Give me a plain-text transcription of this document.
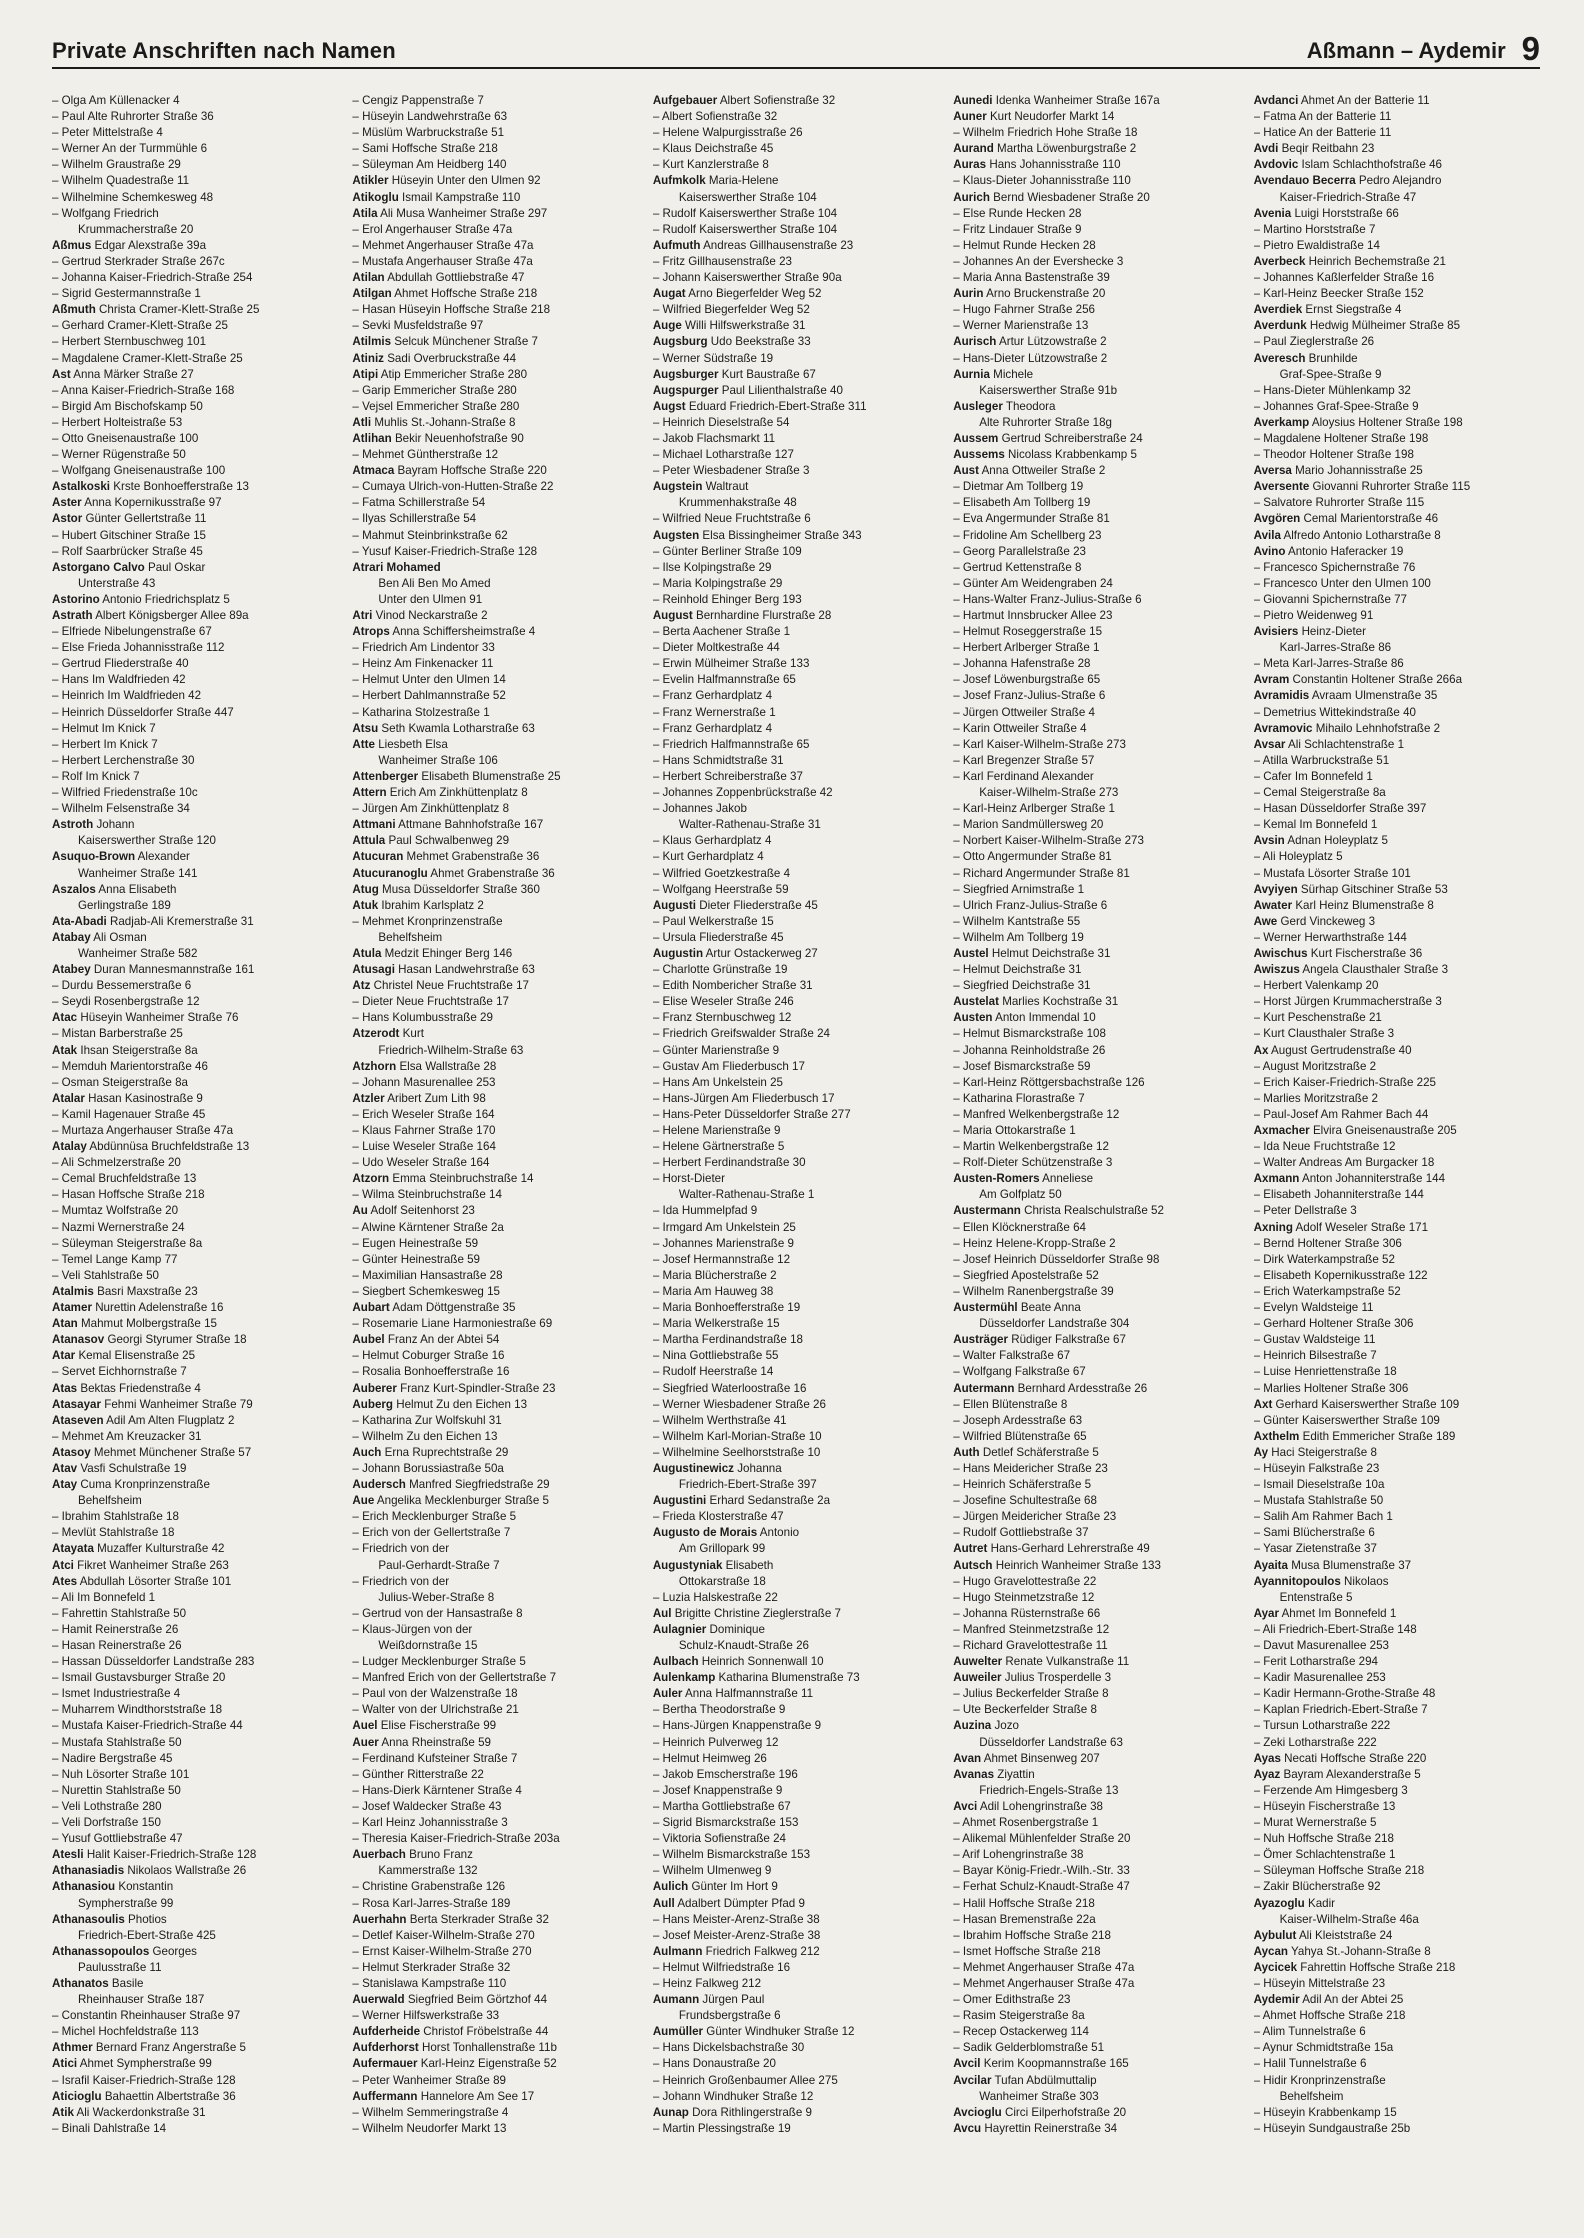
Private Anschriften nach Namen	Aßmann – Aydemir 9
– Olga Am Küllenacker 4
– Paul Alte Ruhrorter Straße 36
– Peter Mittelstraße 4
– Werner An der Turmmühle 6
– Wilhelm Graustraße 29
– Wilhelm Quadestraße 11
– Wilhelmine Schemkesweg 48
– Wolfgang Friedrich
Krummacherstraße 20
Aßmus Edgar Alexstraße 39a
– Gertrud Sterkrader Straße 267c
– Johanna Kaiser-Friedrich-Straße 254
– Sigrid Gestermannstraße 1
Aßmuth Christa Cramer-Klett-Straße 25
– Gerhard Cramer-Klett-Straße 25
– Herbert Sternbuschweg 101
– Magdalene Cramer-Klett-Straße 25
Ast Anna Märker Straße 27
– Anna Kaiser-Friedrich-Straße 168
– Birgid Am Bischofskamp 50
– Herbert Holteistraße 53
– Otto Gneisenaustraße 100
– Werner Rügenstraße 50
– Wolfgang Gneisenaustraße 100
Astalkoski Krste Bonhoefferstraße 13
Aster Anna Kopernikusstraße 97
Astor Günter Gellertstraße 11
– Hubert Gitschiner Straße 15
– Rolf Saarbrücker Straße 45
Astorgano Calvo Paul Oskar
Unterstraße 43
Astorino Antonio Friedrichsplatz 5
Astrath Albert Königsberger Allee 89a
– Elfriede Nibelungenstraße 67
– Else Frieda Johannisstraße 112
– Gertrud Fliederstraße 40
– Hans Im Waldfrieden 42
– Heinrich Im Waldfrieden 42
– Heinrich Düsseldorfer Straße 447
– Helmut Im Knick 7
– Herbert Im Knick 7
– Herbert Lerchenstraße 30
– Rolf Im Knick 7
– Wilfried Friedenstraße 10c
– Wilhelm Felsenstraße 34
Astroth Johann
Kaiserswerther Straße 120
Asuquo-Brown Alexander
Wanheimer Straße 141
Aszalos Anna Elisabeth
Gerlingstraße 189
Ata-Abadi Radjab-Ali Kremerstraße 31
Atabay Ali Osman
Wanheimer Straße 582
Atabey Duran Mannesmannstraße 161
– Durdu Bessemerstraße 6
– Seydi Rosenbergstraße 12
Atac Hüseyin Wanheimer Straße 76
– Mistan Barberstraße 25
Atak Ihsan Steigerstraße 8a
– Memduh Marientorstraße 46
– Osman Steigerstraße 8a
Atalar Hasan Kasinostraße 9
– Kamil Hagenauer Straße 45
– Murtaza Angerhauser Straße 47a
Atalay Abdünnüsa Bruchfeldstraße 13
– Ali Schmelzerstraße 20
– Cemal Bruchfeldstraße 13
– Hasan Hoffsche Straße 218
– Mumtaz Wolfstraße 20
– Nazmi Wernerstraße 24
– Süleyman Steigerstraße 8a
– Temel Lange Kamp 77
– Veli Stahlstraße 50
Atalmis Basri Maxstraße 23
Atamer Nurettin Adelenstraße 16
Atan Mahmut Molbergstraße 15
Atanasov Georgi Styrumer Straße 18
Atar Kemal Elisenstraße 25
– Servet Eichhornstraße 7
Atas Bektas Friedenstraße 4
Atasayar Fehmi Wanheimer Straße 79
Ataseven Adil Am Alten Flugplatz 2
– Mehmet Am Kreuzacker 31
Atasoy Mehmet Münchener Straße 57
Atav Vasfi Schulstraße 19
Atay Cuma Kronprinzenstraße
Behelfsheim
– Ibrahim Stahlstraße 18
– Mevlüt Stahlstraße 18
Atayata Muzaffer Kulturstraße 42
Atci Fikret Wanheimer Straße 263
Ates Abdullah Lösorter Straße 101
– Ali Im Bonnefeld 1
– Fahrettin Stahlstraße 50
– Hamit Reinerstraße 26
– Hasan Reinerstraße 26
– Hassan Düsseldorfer Landstraße 283
– Ismail Gustavsburger Straße 20
– Ismet Industriestraße 4
– Muharrem Windthorststraße 18
– Mustafa Kaiser-Friedrich-Straße 44
– Mustafa Stahlstraße 50
– Nadire Bergstraße 45
– Nuh Lösorter Straße 101
– Nurettin Stahlstraße 50
– Veli Lothstraße 280
– Veli Dorfstraße 150
– Yusuf Gottliebstraße 47
Atesli Halit Kaiser-Friedrich-Straße 128
Athanasiadis Nikolaos Wallstraße 26
Athanasiou Konstantin
Sympherstraße 99
Athanasoulis Photios
Friedrich-Ebert-Straße 425
Athanassopoulos Georges
Paulusstraße 11
Athanatos Basile
Rheinhauser Straße 187
– Constantin Rheinhauser Straße 97
– Michel Hochfeldstraße 113
Athmer Bernard Franz Angerstraße 5
Atici Ahmet Sympherstraße 99
– Israfil Kaiser-Friedrich-Straße 128
Aticioglu Bahaettin Albertstraße 36
Atik Ali Wackerdonkstraße 31
– Binali Dahlstraße 14
– Cengiz Pappenstraße 7
– Hüseyin Landwehrstraße 63
– Müslüm Warbruckstraße 51
– Sami Hoffsche Straße 218
– Süleyman Am Heidberg 140
Atikler Hüseyin Unter den Ulmen 92
Atikoglu Ismail Kampstraße 110
Atila Ali Musa Wanheimer Straße 297
– Erol Angerhauser Straße 47a
– Mehmet Angerhauser Straße 47a
– Mustafa Angerhauser Straße 47a
Atilan Abdullah Gottliebstraße 47
Atilgan Ahmet Hoffsche Straße 218
– Hasan Hüseyin Hoffsche Straße 218
– Sevki Musfeldstraße 97
Atilmis Selcuk Münchener Straße 7
Atiniz Sadi Overbruckstraße 44
Atipi Atip Emmericher Straße 280
– Garip Emmericher Straße 280
– Vejsel Emmericher Straße 280
Atli Muhlis St.-Johann-Straße 8
Atlihan Bekir Neuenhofstraße 90
– Mehmet Güntherstraße 12
Atmaca Bayram Hoffsche Straße 220
– Cumaya Ulrich-von-Hutten-Straße 22
– Fatma Schillerstraße 54
– Ilyas Schillerstraße 54
– Mahmut Steinbrinkstraße 62
– Yusuf Kaiser-Friedrich-Straße 128
Atrari Mohamed
Ben Ali Ben Mo Amed
Unter den Ulmen 91
Atri Vinod Neckarstraße 2
Atrops Anna Schiffersheimstraße 4
– Friedrich Am Lindentor 33
– Heinz Am Finkenacker 11
– Helmut Unter den Ulmen 14
– Herbert Dahlmannstraße 52
– Katharina Stolzestraße 1
Atsu Seth Kwamla Lotharstraße 63
Atte Liesbeth Elsa
Wanheimer Straße 106
Attenberger Elisabeth Blumenstraße 25
Attern Erich Am Zinkhüttenplatz 8
– Jürgen Am Zinkhüttenplatz 8
Attmani Attmane Bahnhofstraße 167
Attula Paul Schwalbenweg 29
Atucuran Mehmet Grabenstraße 36
Atucuranoglu Ahmet Grabenstraße 36
Atug Musa Düsseldorfer Straße 360
Atuk Ibrahim Karlsplatz 2
– Mehmet Kronprinzenstraße
Behelfsheim
Atula Medzit Ehinger Berg 146
Atusagi Hasan Landwehrstraße 63
Atz Christel Neue Fruchtstraße 17
– Dieter Neue Fruchtstraße 17
– Hans Kolumbusstraße 29
Atzerodt Kurt
Friedrich-Wilhelm-Straße 63
Atzhorn Elsa Wallstraße 28
– Johann Masurenallee 253
Atzler Aribert Zum Lith 98
– Erich Weseler Straße 164
– Klaus Fahrner Straße 170
– Luise Weseler Straße 164
– Udo Weseler Straße 164
Atzorn Emma Steinbruchstraße 14
– Wilma Steinbruchstraße 14
Au Adolf Seitenhorst 23
– Alwine Kärntener Straße 2a
– Eugen Heinestraße 59
– Günter Heinestraße 59
– Maximilian Hansastraße 28
– Siegbert Schemkesweg 15
Aubart Adam Döttgenstraße 35
– Rosemarie Liane Harmoniestraße 69
Aubel Franz An der Abtei 54
– Helmut Coburger Straße 16
– Rosalia Bonhoefferstraße 16
Auberer Franz Kurt-Spindler-Straße 23
Auberg Helmut Zu den Eichen 13
– Katharina Zur Wolfskuhl 31
– Wilhelm Zu den Eichen 13
Auch Erna Ruprechtstraße 29
– Johann Borussiastraße 50a
Audersch Manfred Siegfriedstraße 29
Aue Angelika Mecklenburger Straße 5
– Erich Mecklenburger Straße 5
– Erich von der Gellertstraße 7
– Friedrich von der
Paul-Gerhardt-Straße 7
– Friedrich von der
Julius-Weber-Straße 8
– Gertrud von der Hansastraße 8
– Klaus-Jürgen von der
Weißdornstraße 15
– Ludger Mecklenburger Straße 5
– Manfred Erich von der Gellertstraße 7
– Paul von der Walzenstraße 18
– Walter von der Ulrichstraße 21
Auel Elise Fischerstraße 99
Auer Anna Rheinstraße 59
– Ferdinand Kufsteiner Straße 7
– Günther Ritterstraße 22
– Hans-Dierk Kärntener Straße 4
– Josef Waldecker Straße 43
– Karl Heinz Johannisstraße 3
– Theresia Kaiser-Friedrich-Straße 203a
Auerbach Bruno Franz
Kammerstraße 132
– Christine Grabenstraße 126
– Rosa Karl-Jarres-Straße 189
Auerhahn Berta Sterkrader Straße 32
– Detlef Kaiser-Wilhelm-Straße 270
– Ernst Kaiser-Wilhelm-Straße 270
– Helmut Sterkrader Straße 32
– Stanislawa Kampstraße 110
Auerwald Siegfried Beim Görtzhof 44
– Werner Hilfswerkstraße 33
Aufderheide Christof Fröbelstraße 44
Aufderhorst Horst Tonhallenstraße 11b
Aufermauer Karl-Heinz Eigenstraße 52
– Peter Wanheimer Straße 89
Auffermann Hannelore Am See 17
– Wilhelm Semmeringstraße 4
– Wilhelm Neudorfer Markt 13
Aufgebauer Albert Sofienstraße 32
– Albert Sofienstraße 32
– Helene Walpurgisstraße 26
– Klaus Deichstraße 45
– Kurt Kanzlerstraße 8
Aufmkolk Maria-Helene
Kaiserswerther Straße 104
– Rudolf Kaiserswerther Straße 104
– Rudolf Kaiserswerther Straße 104
Aufmuth Andreas Gillhausenstraße 23
– Fritz Gillhausenstraße 23
– Johann Kaiserswerther Straße 90a
Augat Arno Biegerfelder Weg 52
– Wilfried Biegerfelder Weg 52
Auge Willi Hilfswerkstraße 31
Augsburg Udo Beekstraße 33
– Werner Südstraße 19
Augsburger Kurt Baustraße 67
Augspurger Paul Lilienthalstraße 40
Augst Eduard Friedrich-Ebert-Straße 311
– Heinrich Dieselstraße 54
– Jakob Flachsmarkt 11
– Michael Lotharstraße 127
– Peter Wiesbadener Straße 3
Augstein Waltraut
Krummenhakstraße 48
– Wilfried Neue Fruchtstraße 6
Augsten Elsa Bissingheimer Straße 343
– Günter Berliner Straße 109
– Ilse Kolpingstraße 29
– Maria Kolpingstraße 29
– Reinhold Ehinger Berg 193
August Bernhardine Flurstraße 28
– Berta Aachener Straße 1
– Dieter Moltkestraße 44
– Erwin Mülheimer Straße 133
– Evelin Halfmannstraße 65
– Franz Gerhardplatz 4
– Franz Wernerstraße 1
– Franz Gerhardplatz 4
– Friedrich Halfmannstraße 65
– Hans Schmidtstraße 31
– Herbert Schreiberstraße 37
– Johannes Zoppenbrückstraße 42
– Johannes Jakob
Walter-Rathenau-Straße 31
– Klaus Gerhardplatz 4
– Kurt Gerhardplatz 4
– Wilfried Goetzkestraße 4
– Wolfgang Heerstraße 59
Augusti Dieter Fliederstraße 45
– Paul Welkerstraße 15
– Ursula Fliederstraße 45
Augustin Artur Ostackerweg 27
– Charlotte Grünstraße 19
– Edith Nombericher Straße 31
– Elise Weseler Straße 246
– Franz Sternbuschweg 12
– Friedrich Greifswalder Straße 24
– Günter Marienstraße 9
– Gustav Am Fliederbusch 17
– Hans Am Unkelstein 25
– Hans-Jürgen Am Fliederbusch 17
– Hans-Peter Düsseldorfer Straße 277
– Helene Marienstraße 9
– Helene Gärtnerstraße 5
– Herbert Ferdinandstraße 30
– Horst-Dieter
Walter-Rathenau-Straße 1
– Ida Hummelpfad 9
– Irmgard Am Unkelstein 25
– Johannes Marienstraße 9
– Josef Hermannstraße 12
– Maria Blücherstraße 2
– Maria Am Hauweg 38
– Maria Bonhoefferstraße 19
– Maria Welkerstraße 15
– Martha Ferdinandstraße 18
– Nina Gottliebstraße 55
– Rudolf Heerstraße 14
– Siegfried Waterloostraße 16
– Werner Wiesbadener Straße 26
– Wilhelm Werthstraße 41
– Wilhelm Karl-Morian-Straße 10
– Wilhelmine Seelhorststraße 10
Augustinewicz Johanna
Friedrich-Ebert-Straße 397
Augustini Erhard Sedanstraße 2a
– Frieda Klosterstraße 47
Augusto de Morais Antonio
Am Grillopark 99
Augustyniak Elisabeth
Ottokarstraße 18
– Luzia Halskestraße 22
Aul Brigitte Christine Zieglerstraße 7
Aulagnier Dominique
Schulz-Knaudt-Straße 26
Aulbach Heinrich Sonnenwall 10
Aulenkamp Katharina Blumenstraße 73
Auler Anna Halfmannstraße 11
– Bertha Theodorstraße 9
– Hans-Jürgen Knappenstraße 9
– Heinrich Pulverweg 12
– Helmut Heimweg 26
– Jakob Emscherstraße 196
– Josef Knappenstraße 9
– Martha Gottliebstraße 67
– Sigrid Bismarckstraße 153
– Viktoria Sofienstraße 24
– Wilhelm Bismarckstraße 153
– Wilhelm Ulmenweg 9
Aulich Günter Im Hort 9
Aull Adalbert Dümpter Pfad 9
– Hans Meister-Arenz-Straße 38
– Josef Meister-Arenz-Straße 38
Aulmann Friedrich Falkweg 212
– Helmut Wilfriedstraße 16
– Heinz Falkweg 212
Aumann Jürgen Paul
Frundsbergstraße 6
Aumüller Günter Windhuker Straße 12
– Hans Dickelsbachstraße 30
– Hans Donaustraße 20
– Heinrich Großenbaumer Allee 275
– Johann Windhuker Straße 12
Aunap Dora Rithlingerstraße 9
– Martin Plessingstraße 19
Aunedi Idenka Wanheimer Straße 167a
Auner Kurt Neudorfer Markt 14
– Wilhelm Friedrich Hohe Straße 18
Aurand Martha Löwenburgstraße 2
Auras Hans Johannisstraße 110
– Klaus-Dieter Johannisstraße 110
Aurich Bernd Wiesbadener Straße 20
– Else Runde Hecken 28
– Fritz Lindauer Straße 9
– Helmut Runde Hecken 28
– Johannes An der Evershecke 3
– Maria Anna Bastenstraße 39
Aurin Arno Bruckenstraße 20
– Hugo Fahrner Straße 256
– Werner Marienstraße 13
Aurisch Artur Lützowstraße 2
– Hans-Dieter Lützowstraße 2
Aurnia Michele
Kaiserswerther Straße 91b
Ausleger Theodora
Alte Ruhrorter Straße 18g
Aussem Gertrud Schreiberstraße 24
Aussems Nicolass Krabbenkamp 5
Aust Anna Ottweiler Straße 2
– Dietmar Am Tollberg 19
– Elisabeth Am Tollberg 19
– Eva Angermunder Straße 81
– Fridoline Am Schellberg 23
– Georg Parallelstraße 23
– Gertrud Kettenstraße 8
– Günter Am Weidengraben 24
– Hans-Walter Franz-Julius-Straße 6
– Hartmut Innsbrucker Allee 23
– Helmut Roseggerstraße 15
– Herbert Arlberger Straße 1
– Johanna Hafenstraße 28
– Josef Löwenburgstraße 65
– Josef Franz-Julius-Straße 6
– Jürgen Ottweiler Straße 4
– Karin Ottweiler Straße 4
– Karl Kaiser-Wilhelm-Straße 273
– Karl Bregenzer Straße 57
– Karl Ferdinand Alexander
Kaiser-Wilhelm-Straße 273
– Karl-Heinz Arlberger Straße 1
– Marion Sandmüllersweg 20
– Norbert Kaiser-Wilhelm-Straße 273
– Otto Angermunder Straße 81
– Richard Angermunder Straße 81
– Siegfried Arnimstraße 1
– Ulrich Franz-Julius-Straße 6
– Wilhelm Kantstraße 55
– Wilhelm Am Tollberg 19
Austel Helmut Deichstraße 31
– Helmut Deichstraße 31
– Siegfried Deichstraße 31
Austelat Marlies Kochstraße 31
Austen Anton Immendal 10
– Helmut Bismarckstraße 108
– Johanna Reinholdstraße 26
– Josef Bismarckstraße 59
– Karl-Heinz Röttgersbachstraße 126
– Katharina Florastraße 7
– Manfred Welkenbergstraße 12
– Maria Ottokarstraße 1
– Martin Welkenbergstraße 12
– Rolf-Dieter Schützenstraße 3
Austen-Romers Anneliese
Am Golfplatz 50
Austermann Christa Realschulstraße 52
– Ellen Klöcknerstraße 64
– Heinz Helene-Kropp-Straße 2
– Josef Heinrich Düsseldorfer Straße 98
– Siegfried Apostelstraße 52
– Wilhelm Ranenbergstraße 39
Austermühl Beate Anna
Düsseldorfer Landstraße 304
Austräger Rüdiger Falkstraße 67
– Walter Falkstraße 67
– Wolfgang Falkstraße 67
Autermann Bernhard Ardesstraße 26
– Ellen Blütenstraße 8
– Joseph Ardesstraße 63
– Wilfried Blütenstraße 65
Auth Detlef Schäferstraße 5
– Hans Meidericher Straße 23
– Heinrich Schäferstraße 5
– Josefine Schultestraße 68
– Jürgen Meidericher Straße 23
– Rudolf Gottliebstraße 37
Autret Hans-Gerhard Lehrerstraße 49
Autsch Heinrich Wanheimer Straße 133
– Hugo Gravelottestraße 22
– Hugo Steinmetzstraße 12
– Johanna Rüsternstraße 66
– Manfred Steinmetzstraße 12
– Richard Gravelottestraße 11
Auwelter Renate Vulkanstraße 11
Auweiler Julius Trosperdelle 3
– Julius Beckerfelder Straße 8
– Ute Beckerfelder Straße 8
Auzina Jozo
Düsseldorfer Landstraße 63
Avan Ahmet Binsenweg 207
Avanas Ziyattin
Friedrich-Engels-Straße 13
Avci Adil Lohengrinstraße 38
– Ahmet Rosenbergstraße 1
– Alikemal Mühlenfelder Straße 20
– Arif Lohengrinstraße 38
– Bayar König-Friedr.-Wilh.-Str. 33
– Ferhat Schulz-Knaudt-Straße 47
– Halil Hoffsche Straße 218
– Hasan Bremenstraße 22a
– Ibrahim Hoffsche Straße 218
– Ismet Hoffsche Straße 218
– Mehmet Angerhauser Straße 47a
– Mehmet Angerhauser Straße 47a
– Omer Edithstraße 23
– Rasim Steigerstraße 8a
– Recep Ostackerweg 114
– Sadik Gelderblomstraße 51
Avcil Kerim Koopmannstraße 165
Avcilar Tufan Abdülmuttalip
Wanheimer Straße 303
Avcioglu Circi Eilperhofstraße 20
Avcu Hayrettin Reinerstraße 34
Avdanci Ahmet An der Batterie 11
– Fatma An der Batterie 11
– Hatice An der Batterie 11
Avdi Beqir Reitbahn 23
Avdovic Islam Schlachthofstraße 46
Avendauo Becerra Pedro Alejandro
Kaiser-Friedrich-Straße 47
Avenia Luigi Horststraße 66
– Martino Horststraße 7
– Pietro Ewaldistraße 14
Averbeck Heinrich Bechemstraße 21
– Johannes Kaßlerfelder Straße 16
– Karl-Heinz Beecker Straße 152
Averdiek Ernst Siegstraße 4
Averdunk Hedwig Mülheimer Straße 85
– Paul Zieglerstraße 26
Averesch Brunhilde
Graf-Spee-Straße 9
– Hans-Dieter Mühlenkamp 32
– Johannes Graf-Spee-Straße 9
Averkamp Aloysius Holtener Straße 198
– Magdalene Holtener Straße 198
– Theodor Holtener Straße 198
Aversa Mario Johannisstraße 25
Aversente Giovanni Ruhrorter Straße 115
– Salvatore Ruhrorter Straße 115
Avgören Cemal Marientorstraße 46
Avila Alfredo Antonio Lotharstraße 8
Avino Antonio Haferacker 19
– Francesco Spichernstraße 76
– Francesco Unter den Ulmen 100
– Giovanni Spichernstraße 77
– Pietro Weidenweg 91
Avisiers Heinz-Dieter
Karl-Jarres-Straße 86
– Meta Karl-Jarres-Straße 86
Avram Constantin Holtener Straße 266a
Avramidis Avraam Ulmenstraße 35
– Demetrius Wittekindstraße 40
Avramovic Mihailo Lehnhofstraße 2
Avsar Ali Schlachtenstraße 1
– Atilla Warbruckstraße 51
– Cafer Im Bonnefeld 1
– Cemal Steigerstraße 8a
– Hasan Düsseldorfer Straße 397
– Kemal Im Bonnefeld 1
Avsin Adnan Holeyplatz 5
– Ali Holeyplatz 5
– Mustafa Lösorter Straße 101
Avyiyen Sürhap Gitschiner Straße 53
Awater Karl Heinz Blumenstraße 8
Awe Gerd Vinckeweg 3
– Werner Herwarthstraße 144
Awischus Kurt Fischerstraße 36
Awiszus Angela Clausthaler Straße 3
– Herbert Valenkamp 20
– Horst Jürgen Krummacherstraße 3
– Kurt Peschenstraße 21
– Kurt Clausthaler Straße 3
Ax August Gertrudenstraße 40
– August Moritzstraße 2
– Erich Kaiser-Friedrich-Straße 225
– Marlies Moritzstraße 2
– Paul-Josef Am Rahmer Bach 44
Axmacher Elvira Gneisenaustraße 205
– Ida Neue Fruchtstraße 12
– Walter Andreas Am Burgacker 18
Axmann Anton Johanniterstraße 144
– Elisabeth Johanniterstraße 144
– Peter Dellstraße 3
Axning Adolf Weseler Straße 171
– Bernd Holtener Straße 306
– Dirk Waterkampstraße 52
– Elisabeth Kopernikusstraße 122
– Erich Waterkampstraße 52
– Evelyn Waldsteige 11
– Gerhard Holtener Straße 306
– Gustav Waldsteige 11
– Heinrich Bilsestraße 7
– Luise Henriettenstraße 18
– Marlies Holtener Straße 306
Axt Gerhard Kaiserswerther Straße 109
– Günter Kaiserswerther Straße 109
Axthelm Edith Emmericher Straße 189
Ay Haci Steigerstraße 8
– Hüseyin Falkstraße 23
– Ismail Dieselstraße 10a
– Mustafa Stahlstraße 50
– Salih Am Rahmer Bach 1
– Sami Blücherstraße 6
– Yasar Zietenstraße 37
Ayaita Musa Blumenstraße 37
Ayannitopoulos Nikolaos
Entenstraße 5
Ayar Ahmet Im Bonnefeld 1
– Ali Friedrich-Ebert-Straße 148
– Davut Masurenallee 253
– Ferit Lotharstraße 294
– Kadir Masurenallee 253
– Kadir Hermann-Grothe-Straße 48
– Kaplan Friedrich-Ebert-Straße 7
– Tursun Lotharstraße 222
– Zeki Lotharstraße 222
Ayas Necati Hoffsche Straße 220
Ayaz Bayram Alexanderstraße 5
– Ferzende Am Himgesberg 3
– Hüseyin Fischerstraße 13
– Murat Wernerstraße 5
– Nuh Hoffsche Straße 218
– Ömer Schlachtenstraße 1
– Süleyman Hoffsche Straße 218
– Zakir Blücherstraße 92
Ayazoglu Kadir
Kaiser-Wilhelm-Straße 46a
Aybulut Ali Kleiststraße 24
Aycan Yahya St.-Johann-Straße 8
Aycicek Fahrettin Hoffsche Straße 218
– Hüseyin Mittelstraße 23
Aydemir Adil An der Abtei 25
– Ahmet Hoffsche Straße 218
– Alim Tunnelstraße 6
– Aynur Schmidtstraße 15a
– Halil Tunnelstraße 6
– Hidir Kronprinzenstraße
Behelfsheim
– Hüseyin Krabbenkamp 15
– Hüseyin Sundgaustraße 25b
